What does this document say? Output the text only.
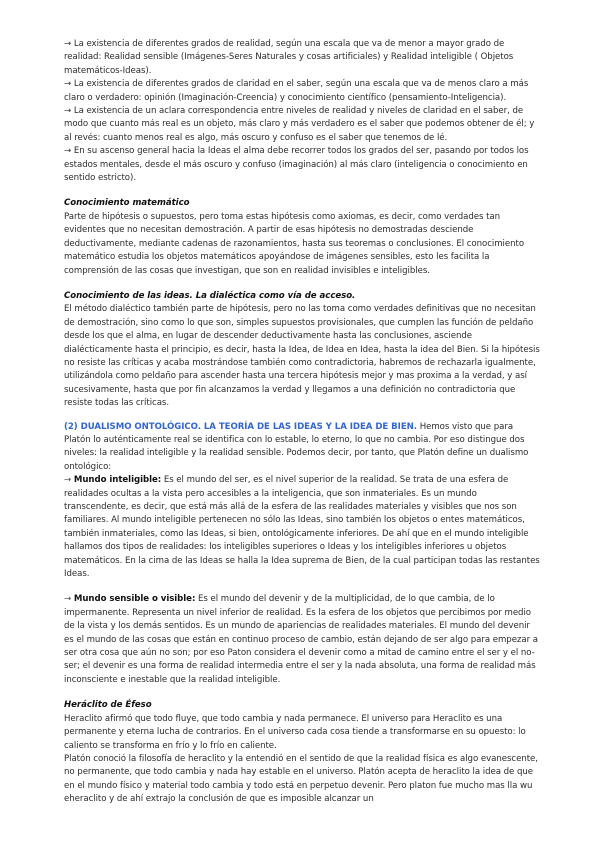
→ La existencia de diferentes grados de realidad, según una escala que va de menor a mayor grado de realidad: Realidad sensible (Imágenes-Seres Naturales y cosas artificiales) y Realidad inteligible ( Objetos matemáticos-Ideas).

→ La existencia de diferentes grados de claridad en el saber, según una escala que va de menos claro a más claro o verdadero: opinión (Imaginación-Creencia) y conocimiento científico (pensamiento-Inteligencia).

→ La existencia de un aclara correspondencia entre niveles de realidad y niveles de claridad en el saber, de modo que cuanto más real es un objeto, más claro y más verdadero es el saber que podemos obtener de él; y al revés: cuanto menos real es algo, más oscuro y confuso es el saber que tenemos de lé.

→ En su ascenso general hacia la Ideas el alma debe recorrer todos los grados del ser, pasando por todos los estados mentales, desde el más oscuro y confuso (imaginación) al más claro (inteligencia o conocimiento en sentido estricto).

Conocimiento matemático

Parte de hipótesis o supuestos, pero toma estas hipótesis como axiomas, es decir, como verdades tan evidentes que no necesitan demostración. A partir de esas hipótesis no demostradas desciende deductivamente, mediante cadenas de razonamientos, hasta sus teoremas o conclusiones. El conocimiento matemático estudia los objetos matemáticos apoyándose de imágenes sensibles, esto les facilita la comprensión de las cosas que investigan, que son en realidad invisibles e inteligibles.

Conocimiento de las ideas. La dialéctica como vía de acceso.

El método dialéctico también parte de hipótesis, pero no las toma como verdades definitivas que no necesitan de demostración, sino como lo que son, simples supuestos provisionales, que cumplen las función de peldaño desde los que el alma, en lugar de descender deductivamente hasta las conclusiones, asciende dialécticamente hasta el principio, es decir, hasta la Idea, de Idea en Idea, hasta la idea del Bien. Si la hipótesis no resiste las críticas y acaba mostrándose también como contradictoria, habremos de rechazarla igualmente, utilizándola como peldaño para ascender hasta una tercera hipótesis mejor y mas proxima a la verdad, y así sucesivamente, hasta que por fin alcanzamos la verdad y llegamos a una definición no contradictoria que resiste todas las críticas.

(2) DUALISMO ONTOLÓGICO. LA TEORÍA DE LAS IDEAS Y LA IDEA DE BIEN. Hemos visto que para Platón lo auténticamente real se identifica con lo estable, lo eterno, lo que no cambia. Por eso distingue dos niveles: la realidad inteligible y la realidad sensible. Podemos decir, por tanto, que Platón define un dualismo ontológico:

→ Mundo inteligible: Es el mundo del ser, es el nivel superior de la realidad. Se trata de una esfera de realidades ocultas a la vista pero accesibles a la inteligencia, que son inmateriales. Es un mundo transcendente, es decir, que está más allá de la esfera de las realidades materiales y visibles que nos son familiares. Al mundo inteligible pertenecen no sólo las Ideas, sino también los objetos o entes matemáticos, también inmateriales, como las Ideas, si bien, ontológicamente inferiores. De ahí que en el mundo inteligible hallamos dos tipos de realidades: los inteligibles superiores o Ideas y los inteligibles inferiores u objetos matemáticos. En la cima de las Ideas se halla la Idea suprema de Bien, de la cual participan todas las restantes Ideas.

→ Mundo sensible o visible: Es el mundo del devenir y de la multiplicidad, de lo que cambia, de lo impermanente. Representa un nivel inferior de realidad. Es la esfera de los objetos que percibimos por medio de la vista y los demás sentidos. Es un mundo de apariencias de realidades materiales. El mundo del devenir es el mundo de las cosas que están en continuo proceso de cambio, están dejando de ser algo para empezar a ser otra cosa que aún no son; por eso Paton considera el devenir como a mitad de camino entre el ser y el no-ser; el devenir es una forma de realidad intermedia entre el ser y la nada absoluta, una forma de realidad más inconsciente e inestable que la realidad inteligible.

Heráclito de Éfeso

Heraclito afirmó que todo fluye, que todo cambia y nada permanece. El universo para Heraclito es una permanente y eterna lucha de contrarios. En el universo cada cosa tiende a transformarse en su opuesto: lo caliento se transforma en frío y lo frío en caliente.

Platón conoció la filosofía de heraclito y la entendió en el sentido de que la realidad física es algo evanescente, no permanente, que todo cambia y nada hay estable en el universo. Platón acepta de heraclito la idea de que en el mundo físico y material todo cambia y todo está en perpetuo devenir. Pero platon fue mucho mas lla wu eheraclito y de ahí extrajo la conclusión de que es imposible alcanzar un
